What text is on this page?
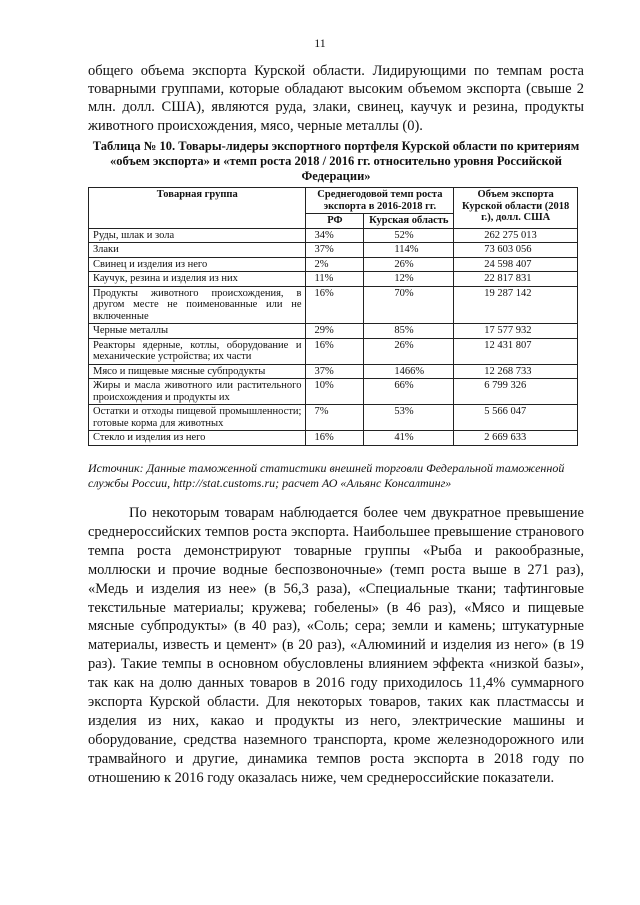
11
общего объема экспорта Курской области. Лидирующими по темпам роста
товарными группами, которые обладают высоким объемом экспорта (свыше 2 млн. долл. США), являются руда, злаки, свинец, каучук и резина, продукты животного происхождения, мясо, черные металлы (0).
Таблица № 10. Товары-лидеры экспортного портфеля Курской области по критериям «объем экспорта» и «темп роста 2018 / 2016 гг. относительно уровня Российской Федерации»
Товарная группа	Среднегодовой темп роста экспорта в 2016-2018 гг.		Объем экспорта Курской области (2018 г.), долл. США
	РФ	Курская область	
Руды, шлак и зола	34%	52%	262 275 013
Злаки	37%	114%	73 603 056
Свинец и изделия из него	2%	26%	24 598 407
Каучук, резина и изделия из них	11%	12%	22 817 831
Продукты животного происхождения, в другом месте не поименованные или не включенные	16%	70%	19 287 142
Черные металлы	29%	85%	17 577 932
Реакторы ядерные, котлы, оборудование и механические устройства; их части	16%	26%	12 431 807
Мясо и пищевые мясные субпродукты	37%	1466%	12 268 733
Жиры и масла животного или растительного происхождения и продукты их	10%	66%	6 799 326
Остатки и отходы пищевой промышленности; готовые корма для животных	7%	53%	5 566 047
Стекло и изделия из него	16%	41%	2 669 633
Источник: Данные таможенной статистики внешней торговли Федеральной таможенной службы России, http://stat.customs.ru; расчет АО «Альянс Консалтинг»

По некоторым товарам наблюдается более чем двукратное превышение среднероссийских темпов роста экспорта. Наибольшее превышение странового темпа роста демонстрируют товарные группы «Рыба и ракообразные, моллюски и прочие водные беспозвоночные» (темп роста выше в 271 раз), «Медь и изделия из нее» (в 56,3 раза), «Специальные ткани; тафтинговые текстильные материалы; кружева; гобелены» (в 46 раз), «Мясо и пищевые мясные субпродукты» (в 40 раз), «Соль; сера; земли и камень; штукатурные материалы, известь и цемент» (в 20 раз), «Алюминий и изделия из него» (в 19 раз). Такие темпы в основном обусловлены влиянием эффекта «низкой базы», так как на долю данных товаров в 2016 году приходилось 11,4% суммарного экспорта Курской области. Для некоторых товаров, таких как пластмассы и изделия из них, какао и продукты из него, электрические машины и оборудование, средства наземного транспорта, кроме железнодорожного или трамвайного и другие, динамика темпов роста экспорта в 2018 году по отношению к 2016 году оказалась ниже, чем среднероссийские показатели.
